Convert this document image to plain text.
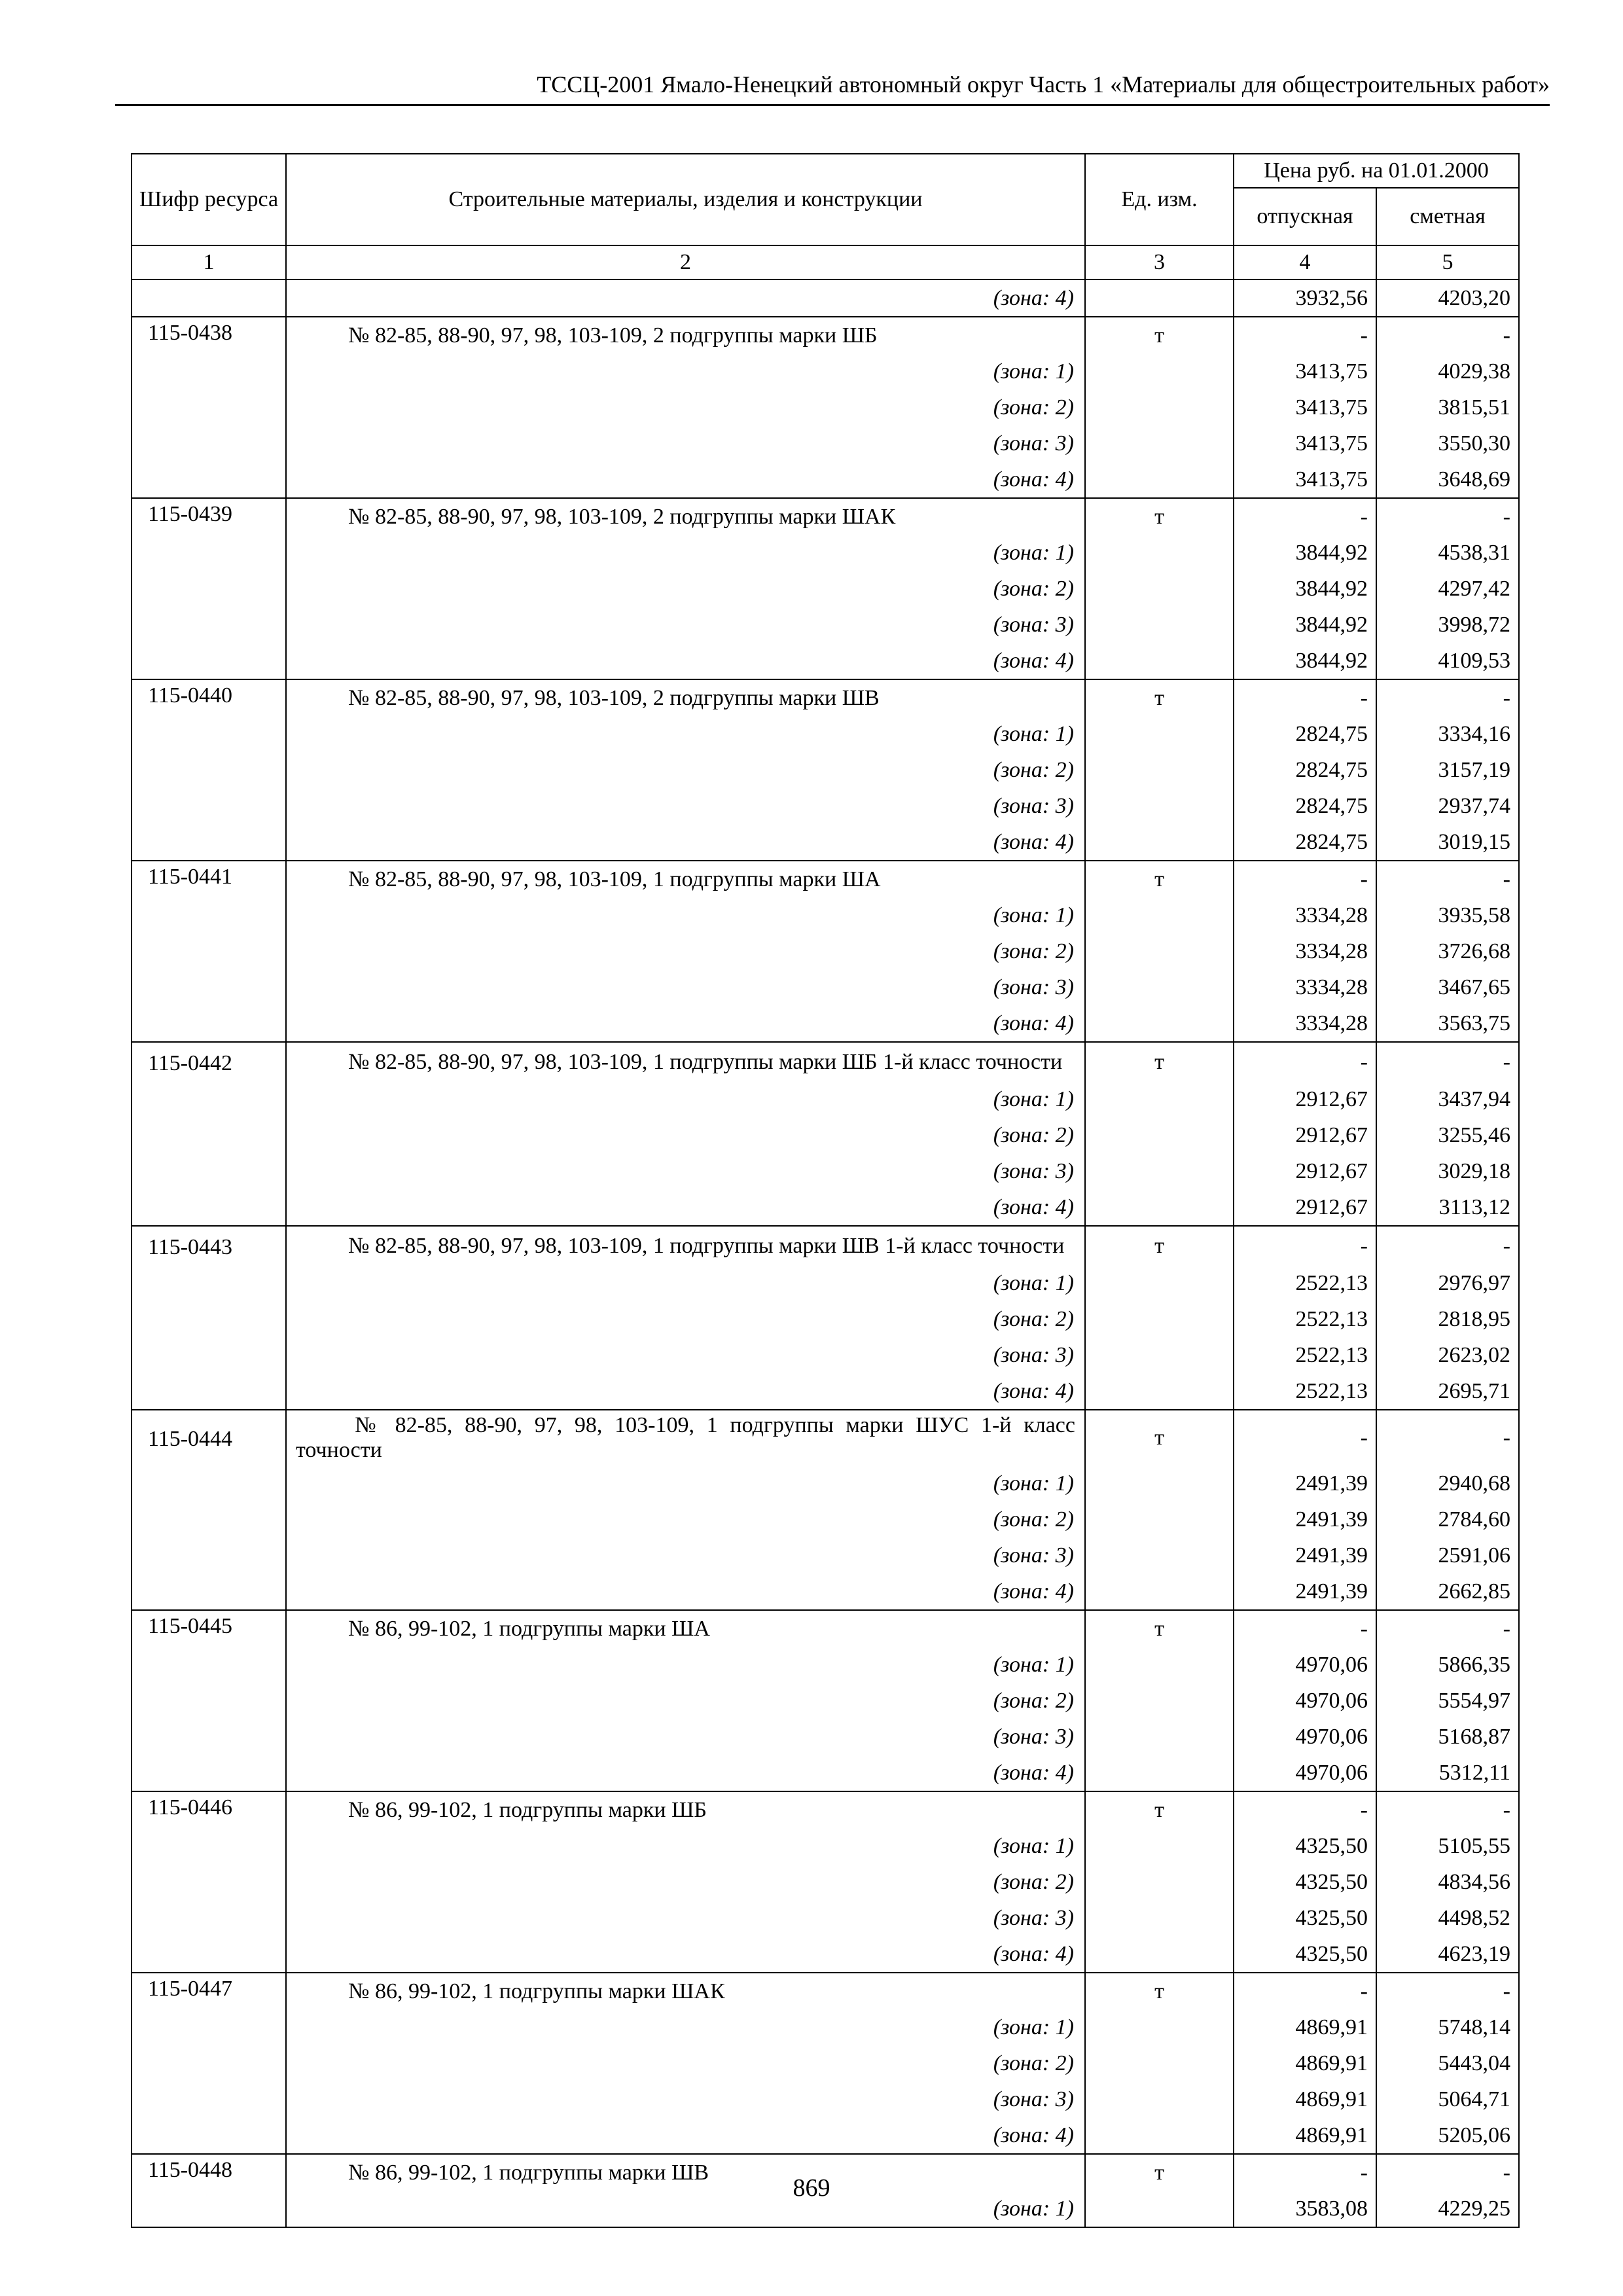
ТССЦ-2001 Ямало-Ненецкий автономный округ Часть 1 «Материалы для общестроительных работ»
Шифр ресурса	Строительные материалы, изделия и конструкции	Ед. изм.	Цена руб. на 01.01.2000	
			отпускная	сметная
1	2	3	4	5
	(зона: 4)		3932,56	4203,20
115-0438	№ 82-85, 88-90, 97, 98, 103-109, 2 подгруппы марки ШБ	т	-	-
	(зона: 1)		3413,75	4029,38
	(зона: 2)		3413,75	3815,51
	(зона: 3)		3413,75	3550,30
	(зона: 4)		3413,75	3648,69
115-0439	№ 82-85, 88-90, 97, 98, 103-109, 2 подгруппы марки ШАК	т	-	-
	(зона: 1)		3844,92	4538,31
	(зона: 2)		3844,92	4297,42
	(зона: 3)		3844,92	3998,72
	(зона: 4)		3844,92	4109,53
115-0440	№ 82-85, 88-90, 97, 98, 103-109, 2 подгруппы марки ШВ	т	-	-
	(зона: 1)		2824,75	3334,16
	(зона: 2)		2824,75	3157,19
	(зона: 3)		2824,75	2937,74
	(зона: 4)		2824,75	3019,15
115-0441	№ 82-85, 88-90, 97, 98, 103-109, 1 подгруппы марки ША	т	-	-
	(зона: 1)		3334,28	3935,58
	(зона: 2)		3334,28	3726,68
	(зона: 3)		3334,28	3467,65
	(зона: 4)		3334,28	3563,75
115-0442	№ 82-85, 88-90, 97, 98, 103-109, 1 подгруппы марки ШБ 1-й класс точности	т	-	-
	(зона: 1)		2912,67	3437,94
	(зона: 2)		2912,67	3255,46
	(зона: 3)		2912,67	3029,18
	(зона: 4)		2912,67	3113,12
115-0443	№ 82-85, 88-90, 97, 98, 103-109, 1 подгруппы марки ШВ 1-й класс точности	т	-	-
	(зона: 1)		2522,13	2976,97
	(зона: 2)		2522,13	2818,95
	(зона: 3)		2522,13	2623,02
	(зона: 4)		2522,13	2695,71
115-0444	№ 82-85, 88-90, 97, 98, 103-109, 1 подгруппы марки ШУС 1-й класс точности	т	-	-
	(зона: 1)		2491,39	2940,68
	(зона: 2)		2491,39	2784,60
	(зона: 3)		2491,39	2591,06
	(зона: 4)		2491,39	2662,85
115-0445	№ 86, 99-102, 1 подгруппы марки ША	т	-	-
	(зона: 1)		4970,06	5866,35
	(зона: 2)		4970,06	5554,97
	(зона: 3)		4970,06	5168,87
	(зона: 4)		4970,06	5312,11
115-0446	№ 86, 99-102, 1 подгруппы марки ШБ	т	-	-
	(зона: 1)		4325,50	5105,55
	(зона: 2)		4325,50	4834,56
	(зона: 3)		4325,50	4498,52
	(зона: 4)		4325,50	4623,19
115-0447	№ 86, 99-102, 1 подгруппы марки ШАК	т	-	-
	(зона: 1)		4869,91	5748,14
	(зона: 2)		4869,91	5443,04
	(зона: 3)		4869,91	5064,71
	(зона: 4)		4869,91	5205,06
115-0448	№ 86, 99-102, 1 подгруппы марки ШВ	т	-	-
	(зона: 1)		3583,08	4229,25
869
